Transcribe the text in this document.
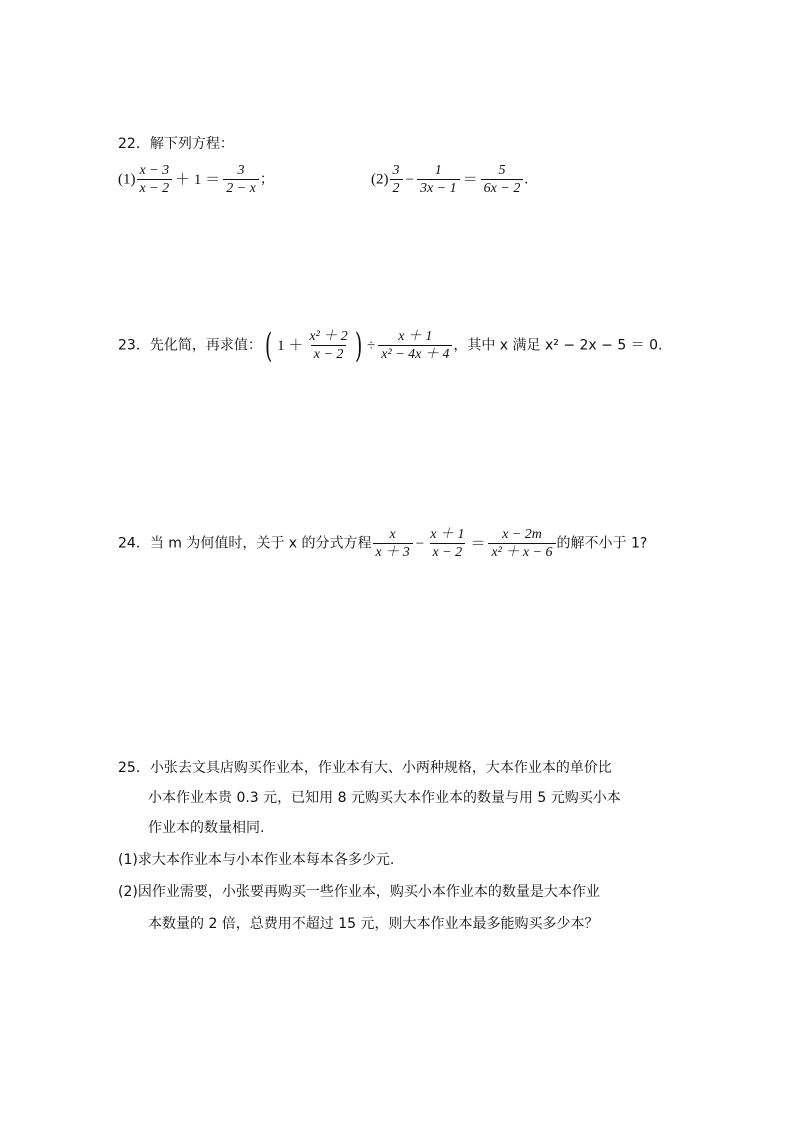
22．解下列方程：
$(1) \frac{x - 3}{x - 2} + 1 = \frac{3}{2 - x}$ ；	$(2) \frac{3}{2} - \frac{1}{3x - 1} = \frac{5}{6x - 2}$ .
23．先化简，再求值：( $1 + \frac{\text{x² ＋ 2}}{x - 2}$ ) ÷ $\frac{x + 1}{\text{x² − 4x ＋ 4}}$ ，其中 x 满足 x² − 2x − 5 ＝ 0.
24．当 m 为何值时，关于 x 的分式方程 $\frac{x}{x + 3} - \frac{x + 1}{x - 2} = \frac{x - 2m}{\text{x² ＋ x − 6}}$ 的解不小于 1?
25．小张去文具店购买作业本，作业本有大、小两种规格，大本作业本的单价比
小本作业本贵 0.3 元，已知用 8 元购买大本作业本的数量与用 5 元购买小本
作业本的数量相同.
(1)求大本作业本与小本作业本每本各多少元.
(2)因作业需要，小张要再购买一些作业本，购买小本作业本的数量是大本作业
本数量的 2 倍，总费用不超过 15 元，则大本作业本最多能购买多少本？
